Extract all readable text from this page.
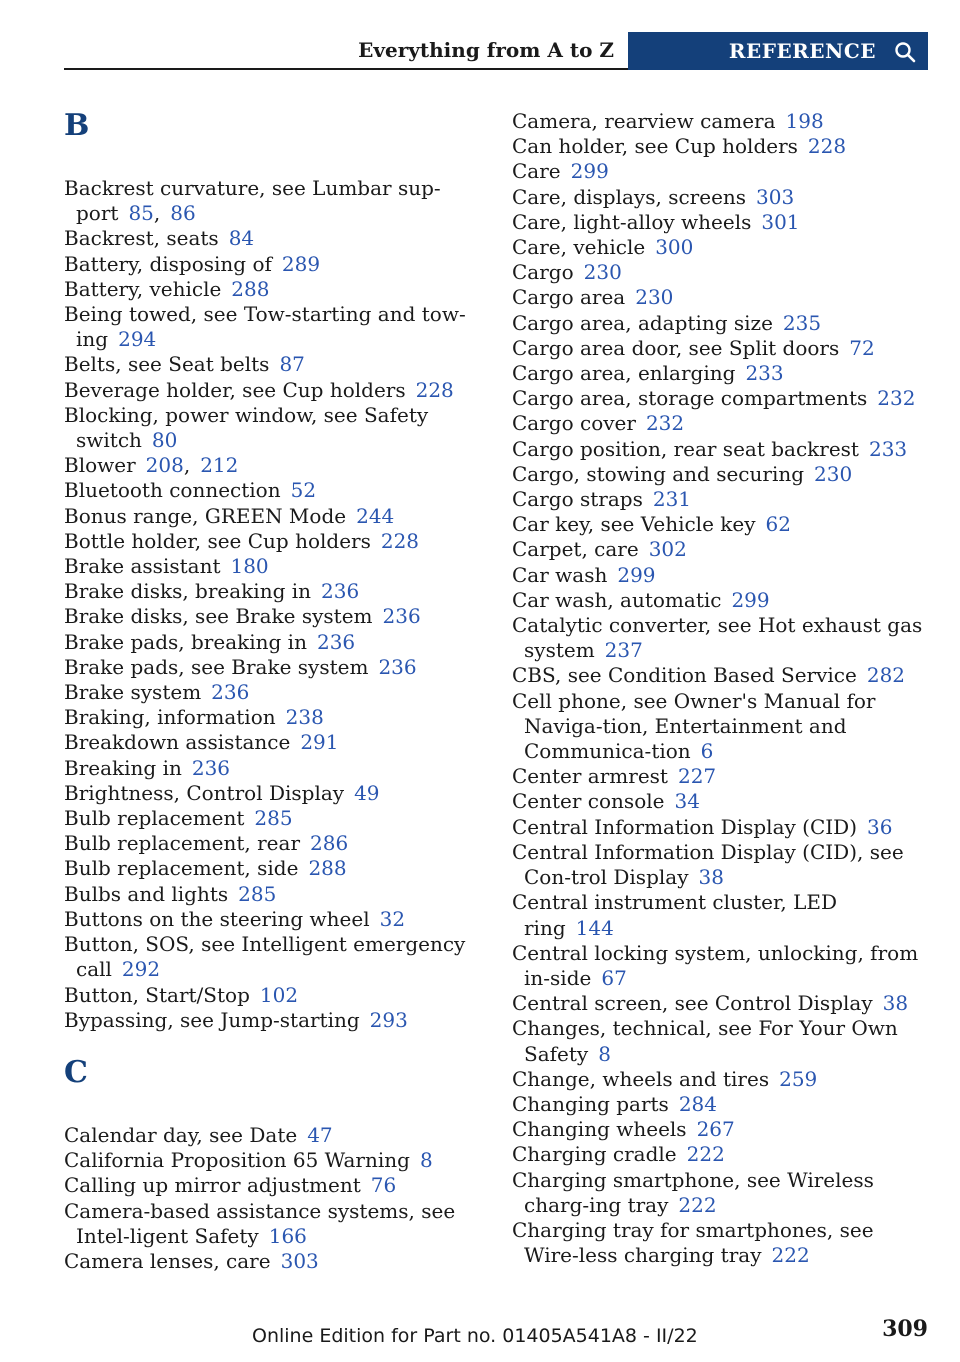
Everything from A to Z	REFERENCE
B
Backrest curvature, see Lumbar sup-port 85, 86
Backrest, seats 84
Battery, disposing of 289
Battery, vehicle 288
Being towed, see Tow-starting and tow-ing 294
Belts, see Seat belts 87
Beverage holder, see Cup holders 228
Blocking, power window, see Safety switch 80
Blower 208, 212
Bluetooth connection 52
Bonus range, GREEN Mode 244
Bottle holder, see Cup holders 228
Brake assistant 180
Brake disks, breaking in 236
Brake disks, see Brake system 236
Brake pads, breaking in 236
Brake pads, see Brake system 236
Brake system 236
Braking, information 238
Breakdown assistance 291
Breaking in 236
Brightness, Control Display 49
Bulb replacement 285
Bulb replacement, rear 286
Bulb replacement, side 288
Bulbs and lights 285
Buttons on the steering wheel 32
Button, SOS, see Intelligent emergency call 292
Button, Start/Stop 102
Bypassing, see Jump-starting 293
C
Calendar day, see Date 47
California Proposition 65 Warning 8
Calling up mirror adjustment 76
Camera-based assistance systems, see Intel-ligent Safety 166
Camera lenses, care 303
Camera, rearview camera 198
Can holder, see Cup holders 228
Care 299
Care, displays, screens 303
Care, light-alloy wheels 301
Care, vehicle 300
Cargo 230
Cargo area 230
Cargo area, adapting size 235
Cargo area door, see Split doors 72
Cargo area, enlarging 233
Cargo area, storage compartments 232
Cargo cover 232
Cargo position, rear seat backrest 233
Cargo, stowing and securing 230
Cargo straps 231
Car key, see Vehicle key 62
Carpet, care 302
Car wash 299
Car wash, automatic 299
Catalytic converter, see Hot exhaust gas system 237
CBS, see Condition Based Service 282
Cell phone, see Owner's Manual for Naviga-tion, Entertainment and Communica-tion 6
Center armrest 227
Center console 34
Central Information Display (CID) 36
Central Information Display (CID), see Con-trol Display 38
Central instrument cluster, LED ring 144
Central locking system, unlocking, from in-side 67
Central screen, see Control Display 38
Changes, technical, see For Your Own Safety 8
Change, wheels and tires 259
Changing parts 284
Changing wheels 267
Charging cradle 222
Charging smartphone, see Wireless charg-ing tray 222
Charging tray for smartphones, see Wire-less charging tray 222
Online Edition for Part no. 01405A541A8 - II/22	309
